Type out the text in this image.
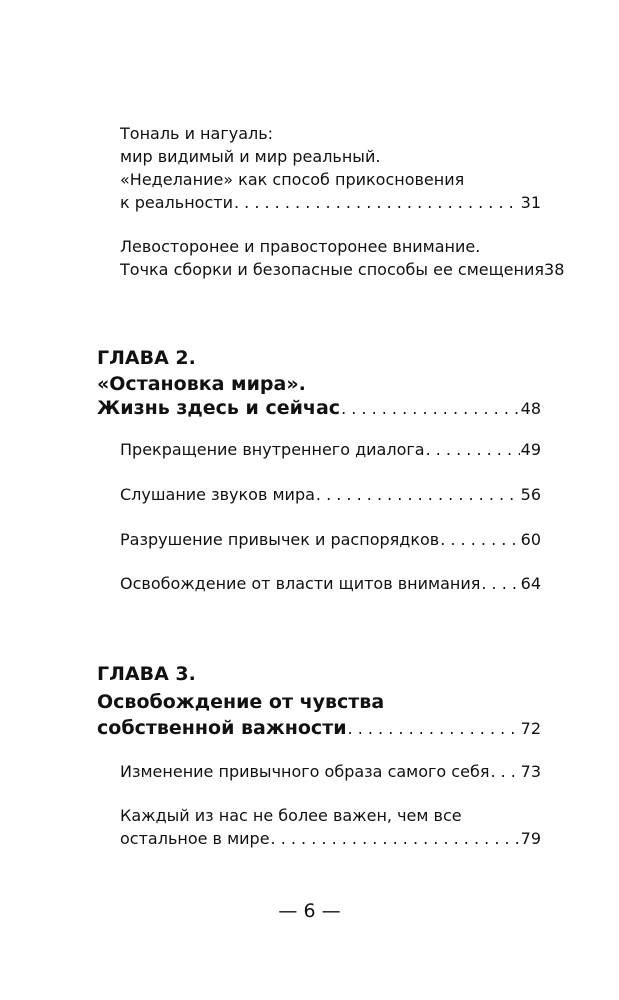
Тональ и нагуаль:
мир видимый и мир реальный.
«Неделание» как способ прикосновения
к реальности . . .	31
Левосторонее и правосторонее внимание.
Точка сборки и безопасные способы ее смещения 38
ГЛАВА 2.
«Остановка мира».
Жизнь здесь и сейчас . . .	48
Прекращение внутреннего диалога . . .	49
Слушание звуков мира . . .	56
Разрушение привычек и распорядков . . .	60
Освобождение от власти щитов внимания . . .	64
ГЛАВА 3.
Освобождение от чувства
собственной важности . . .	72
Изменение привычного образа самого себя . . . 73
Каждый из нас не более важен, чем все
остальное в мире . . .	79
— 6 —
